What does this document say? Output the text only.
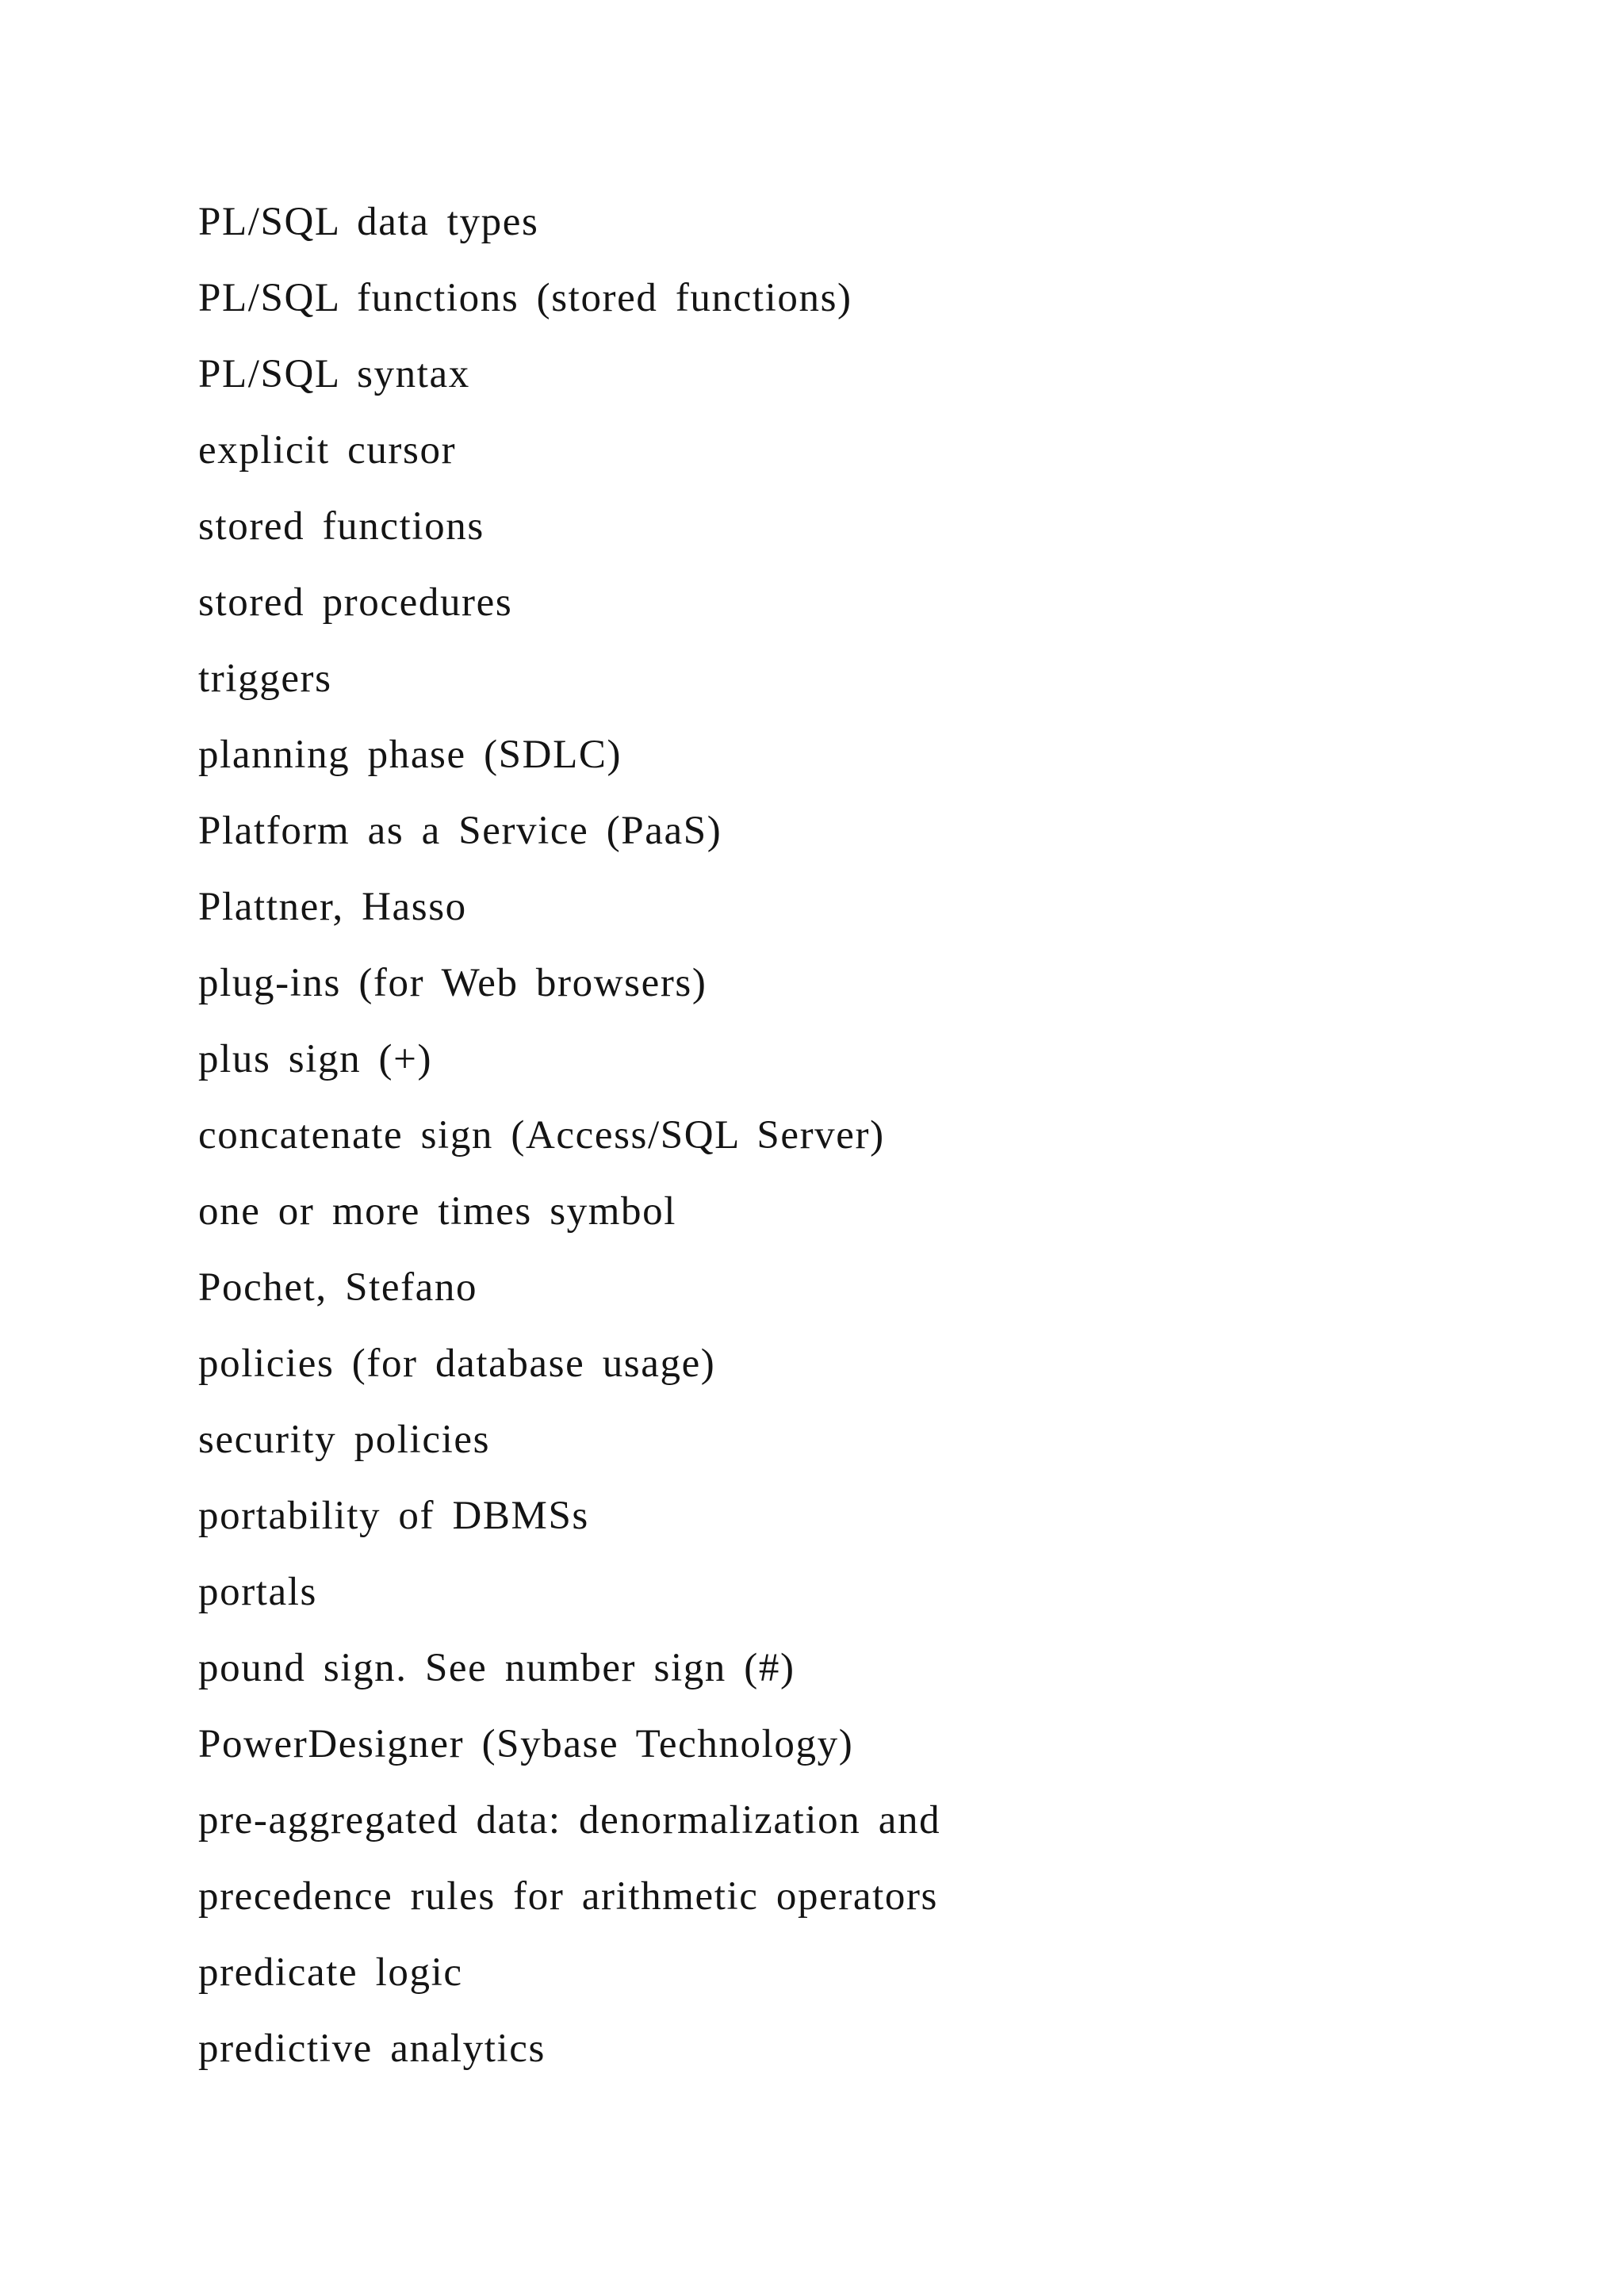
PL/SQL data types
PL/SQL functions (stored functions)
PL/SQL syntax
explicit cursor
stored functions
stored procedures
triggers
planning phase (SDLC)
Platform as a Service (PaaS)
Plattner, Hasso
plug-ins (for Web browsers)
plus sign (+)
concatenate sign (Access/SQL Server)
one or more times symbol
Pochet, Stefano
policies (for database usage)
security policies
portability of DBMSs
portals
pound sign. See number sign (#)
PowerDesigner (Sybase Technology)
pre-aggregated data: denormalization and
precedence rules for arithmetic operators
predicate logic
predictive analytics
